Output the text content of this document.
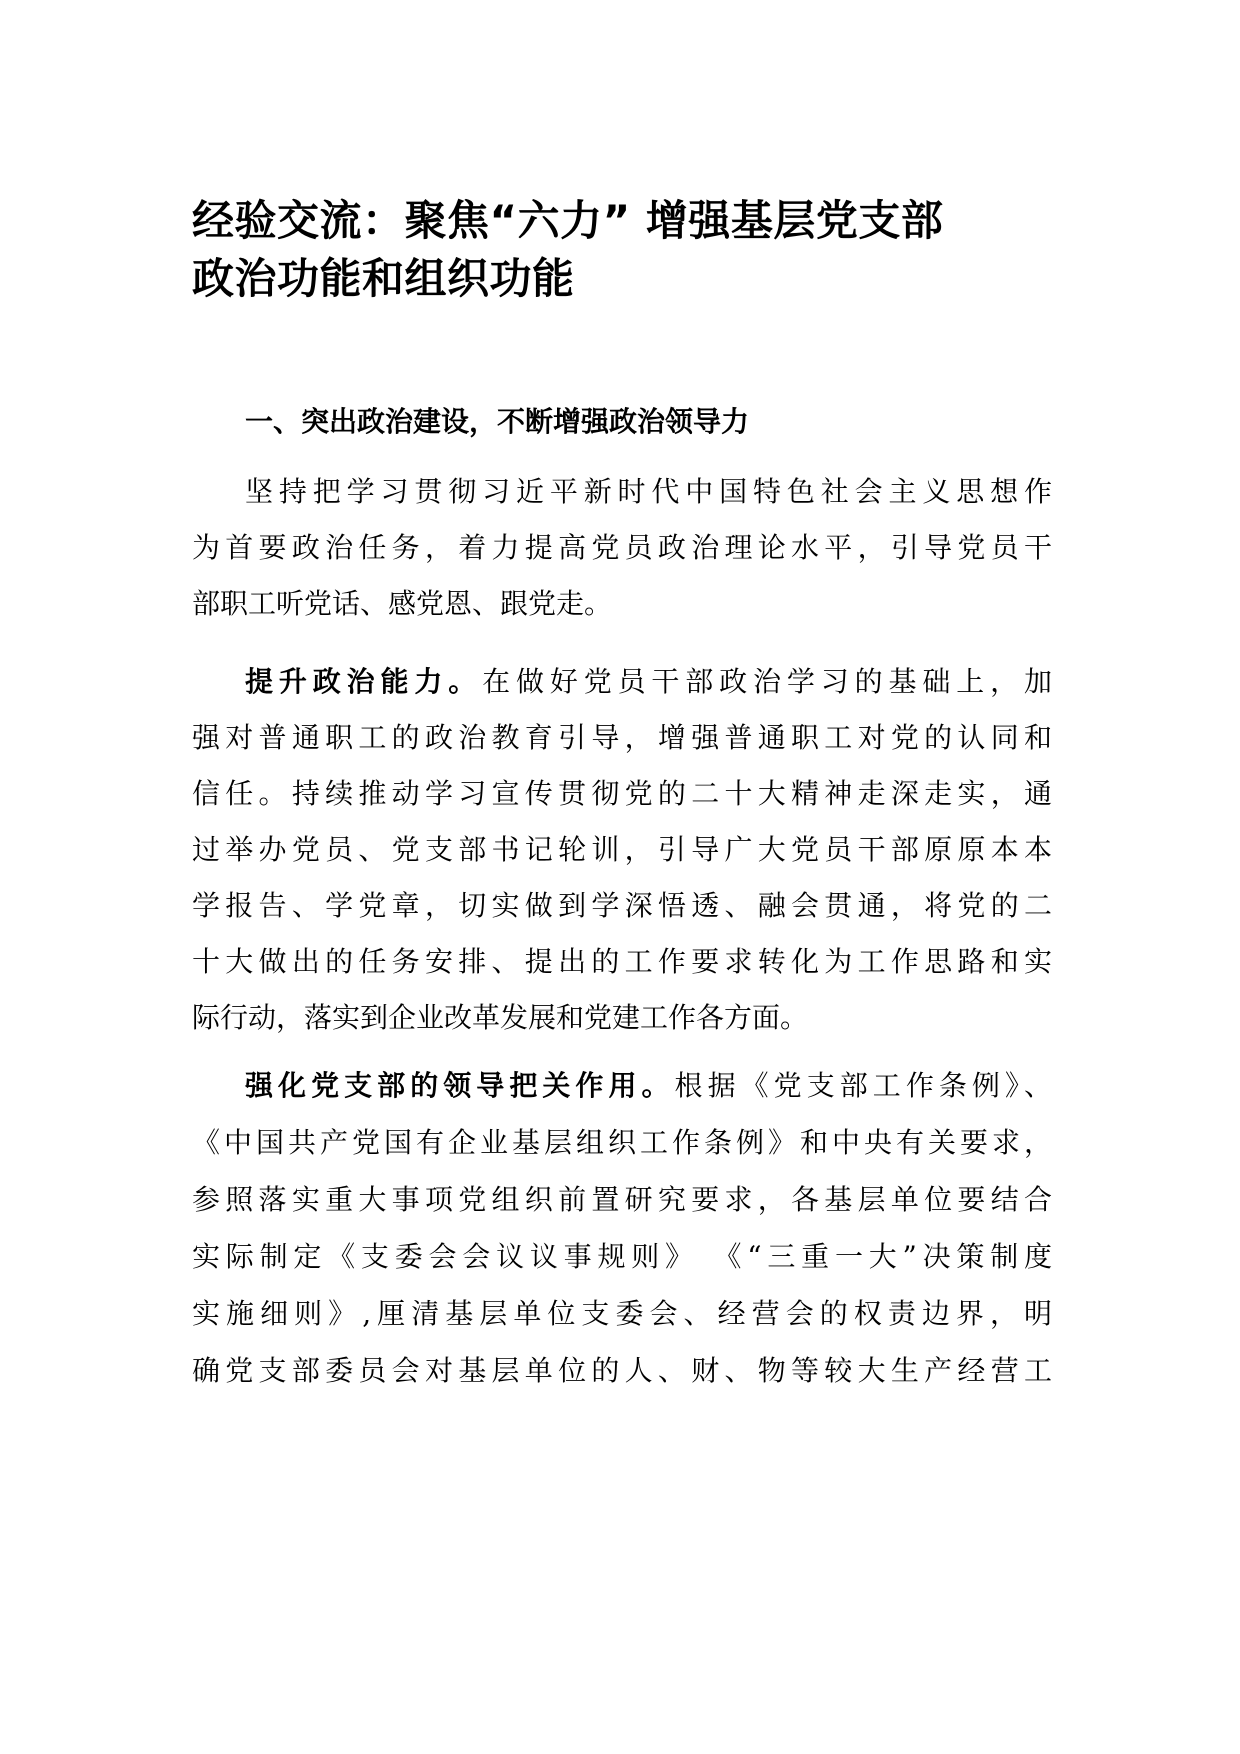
经验交流：聚焦“六力” 增强基层党支部
政治功能和组织功能
一、突出政治建设，不断增强政治领导力
坚持把学习贯彻习近平新时代中国特色社会主义思想作
为首要政治任务，着力提高党员政治理论水平，引导党员干
部职工听党话、感党恩、跟党走。
提升政治能力。在做好党员干部政治学习的基础上，加
强对普通职工的政治教育引导，增强普通职工对党的认同和
信任。持续推动学习宣传贯彻党的二十大精神走深走实，通
过举办党员、党支部书记轮训，引导广大党员干部原原本本
学报告、学党章，切实做到学深悟透、融会贯通，将党的二
十大做出的任务安排、提出的工作要求转化为工作思路和实
际行动，落实到企业改革发展和党建工作各方面。
强化党支部的领导把关作用。根据《党支部工作条例》、
《中国共产党国有企业基层组织工作条例》和中央有关要求，
参照落实重大事项党组织前置研究要求，各基层单位要结合
实际制定《支委会会议议事规则》 《“三重一大”决策制度
实施细则》,厘清基层单位支委会、经营会的权责边界，明
确党支部委员会对基层单位的人、财、物等较大生产经营工
